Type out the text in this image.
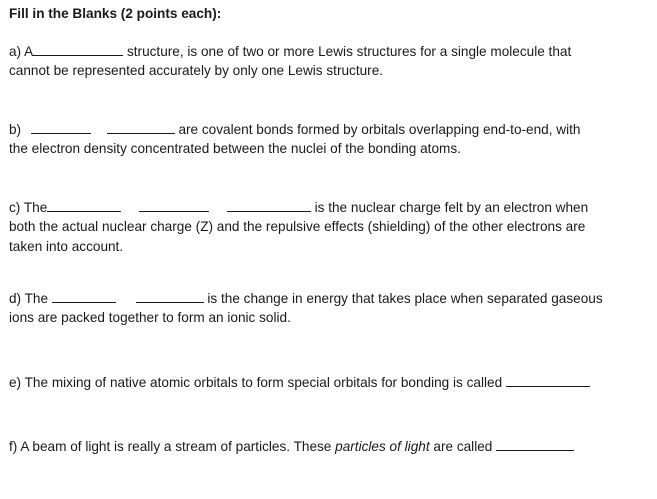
Fill in the Blanks (2 points each):
a) A	structure, is one of two or more Lewis structures for a single molecule that
cannot be represented accurately by only one Lewis structure.
b)	are covalent bonds formed by orbitals overlapping end-to-end, with
the electron density concentrated between the nuclei of the bonding atoms.
c) The	is the nuclear charge felt by an electron when
both the actual nuclear charge (Z) and the repulsive effects (shielding) of the other electrons are
taken into account.
d) The	is the change in energy that takes place when separated gaseous
ions are packed together to form an ionic solid.
e) The mixing of native atomic orbitals to form special orbitals for bonding is called
f) A beam of light is really a stream of particles. These particles of light are called
